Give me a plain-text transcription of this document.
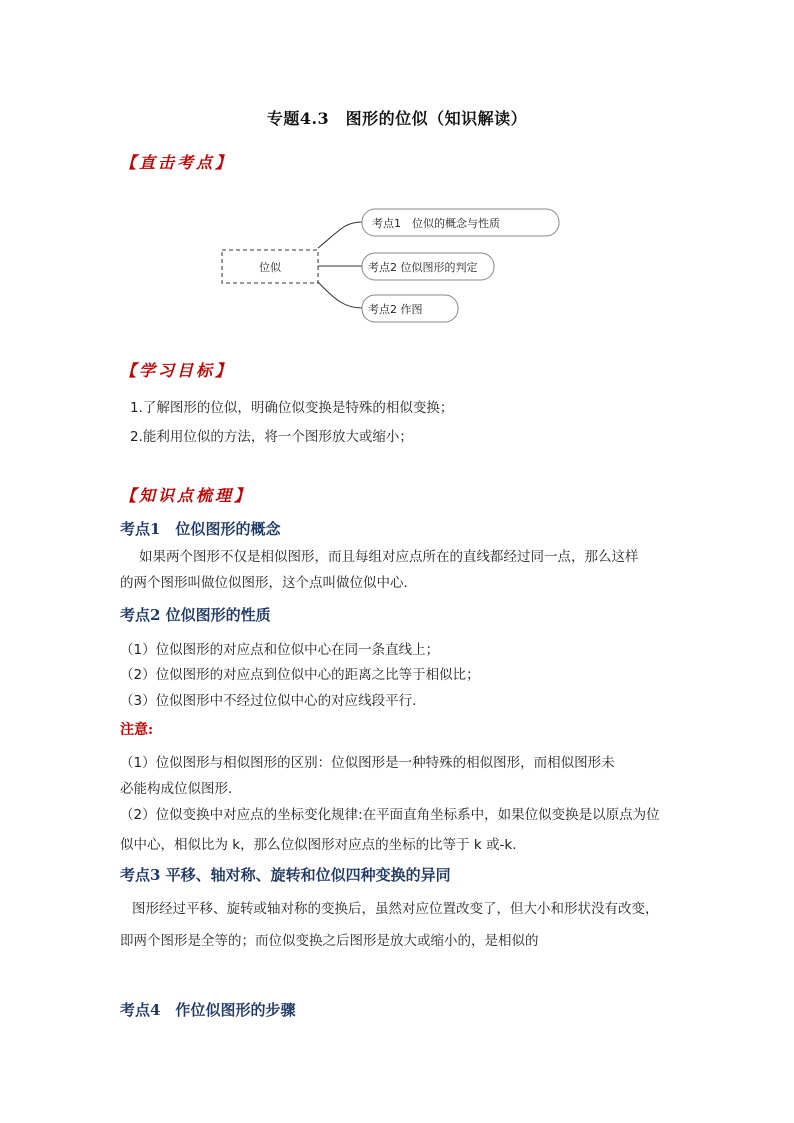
专题4.3　图形的位似（知识解读）
【直击考点】
位似
考点1　位似的概念与性质
考点2 位似图形的判定
考点2 作图
【学习目标】
1.了解图形的位似，明确位似变换是特殊的相似变换；
2.能利用位似的方法，将一个图形放大或缩小；
【知识点梳理】
考点1　位似图形的概念
如果两个图形不仅是相似图形，而且每组对应点所在的直线都经过同一点，那么这样
的两个图形叫做位似图形，这个点叫做位似中心.
考点2 位似图形的性质
（1）位似图形的对应点和位似中心在同一条直线上；
（2）位似图形的对应点到位似中心的距离之比等于相似比；
（3）位似图形中不经过位似中心的对应线段平行.
注意:
（1）位似图形与相似图形的区别：位似图形是一种特殊的相似图形，而相似图形未
必能构成位似图形.
（2）位似变换中对应点的坐标变化规律:在平面直角坐标系中，如果位似变换是以原点为位
似中心，相似比为 k，那么位似图形对应点的坐标的比等于 k 或-k.
考点3 平移、轴对称、旋转和位似四种变换的异同
图形经过平移、旋转或轴对称的变换后，虽然对应位置改变了，但大小和形状没有改变，
即两个图形是全等的；而位似变换之后图形是放大或缩小的，是相似的
考点4　作位似图形的步骤
